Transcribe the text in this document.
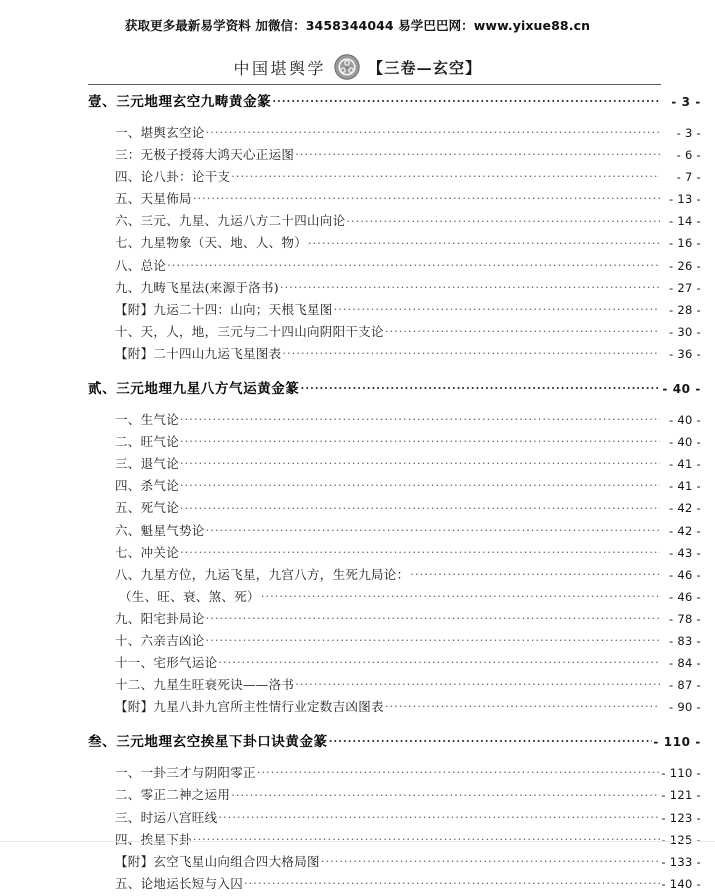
获取更多最新易学资料 加微信：3458344044 易学巴巴网：www.yixue88.cn
中国堪舆学	【三卷—玄空】
壹、三元地理玄空九畴黄金篆 .....	- 3 -
一、堪舆玄空论 .....	- 3 -
三：无极子授蒋大鸿天心正运图 .....	- 6 -
四、论八卦：论干支 .....	- 7 -
五、天星佈局 .....	- 13 -
六、三元、九星、九运八方二十四山向论 .....	- 14 -
七、九星物象（天、地、人、物） .....	- 16 -
八、总论 .....	- 26 -
九、九畴飞星法(来源于洛书) .....	- 27 -
【附】九运二十四：山向；天根飞星图 .....	- 28 -
十、天，人，地，三元与二十四山向阴阳干支论 .....	- 30 -
【附】二十四山九运飞星图表 .....	- 36 -
贰、三元地理九星八方气运黄金篆 .....	- 40 -
一、生气论 .....	- 40 -
二、旺气论 .....	- 40 -
三、退气论 .....	- 41 -
四、杀气论 .....	- 41 -
五、死气论 .....	- 42 -
六、魁星气势论 .....	- 42 -
七、冲关论 .....	- 43 -
八、九星方位，九运飞星，九宫八方，生死九局论： .....	- 46 -
（生、旺、衰、煞、死） .....	- 46 -
九、阳宅卦局论 .....	- 78 -
十、六亲吉凶论 .....	- 83 -
十一、宅形气运论 .....	- 84 -
十二、九星生旺衰死诀——洛书 .....	- 87 -
【附】九星八卦九宫所主性情行业定数吉凶图表 .....	- 90 -
叁、三元地理玄空挨星下卦口诀黄金篆 .....	- 110 -
一、一卦三才与阴阳零正 .....	- 110 -
二、零正二神之运用 .....	- 121 -
三、时运八宫旺线 .....	- 123 -
四、挨星下卦 .....	- 125 -
【附】玄空飞星山向组合四大格局图 .....	- 133 -
五、论地运长短与入囚 .....	- 140 -
